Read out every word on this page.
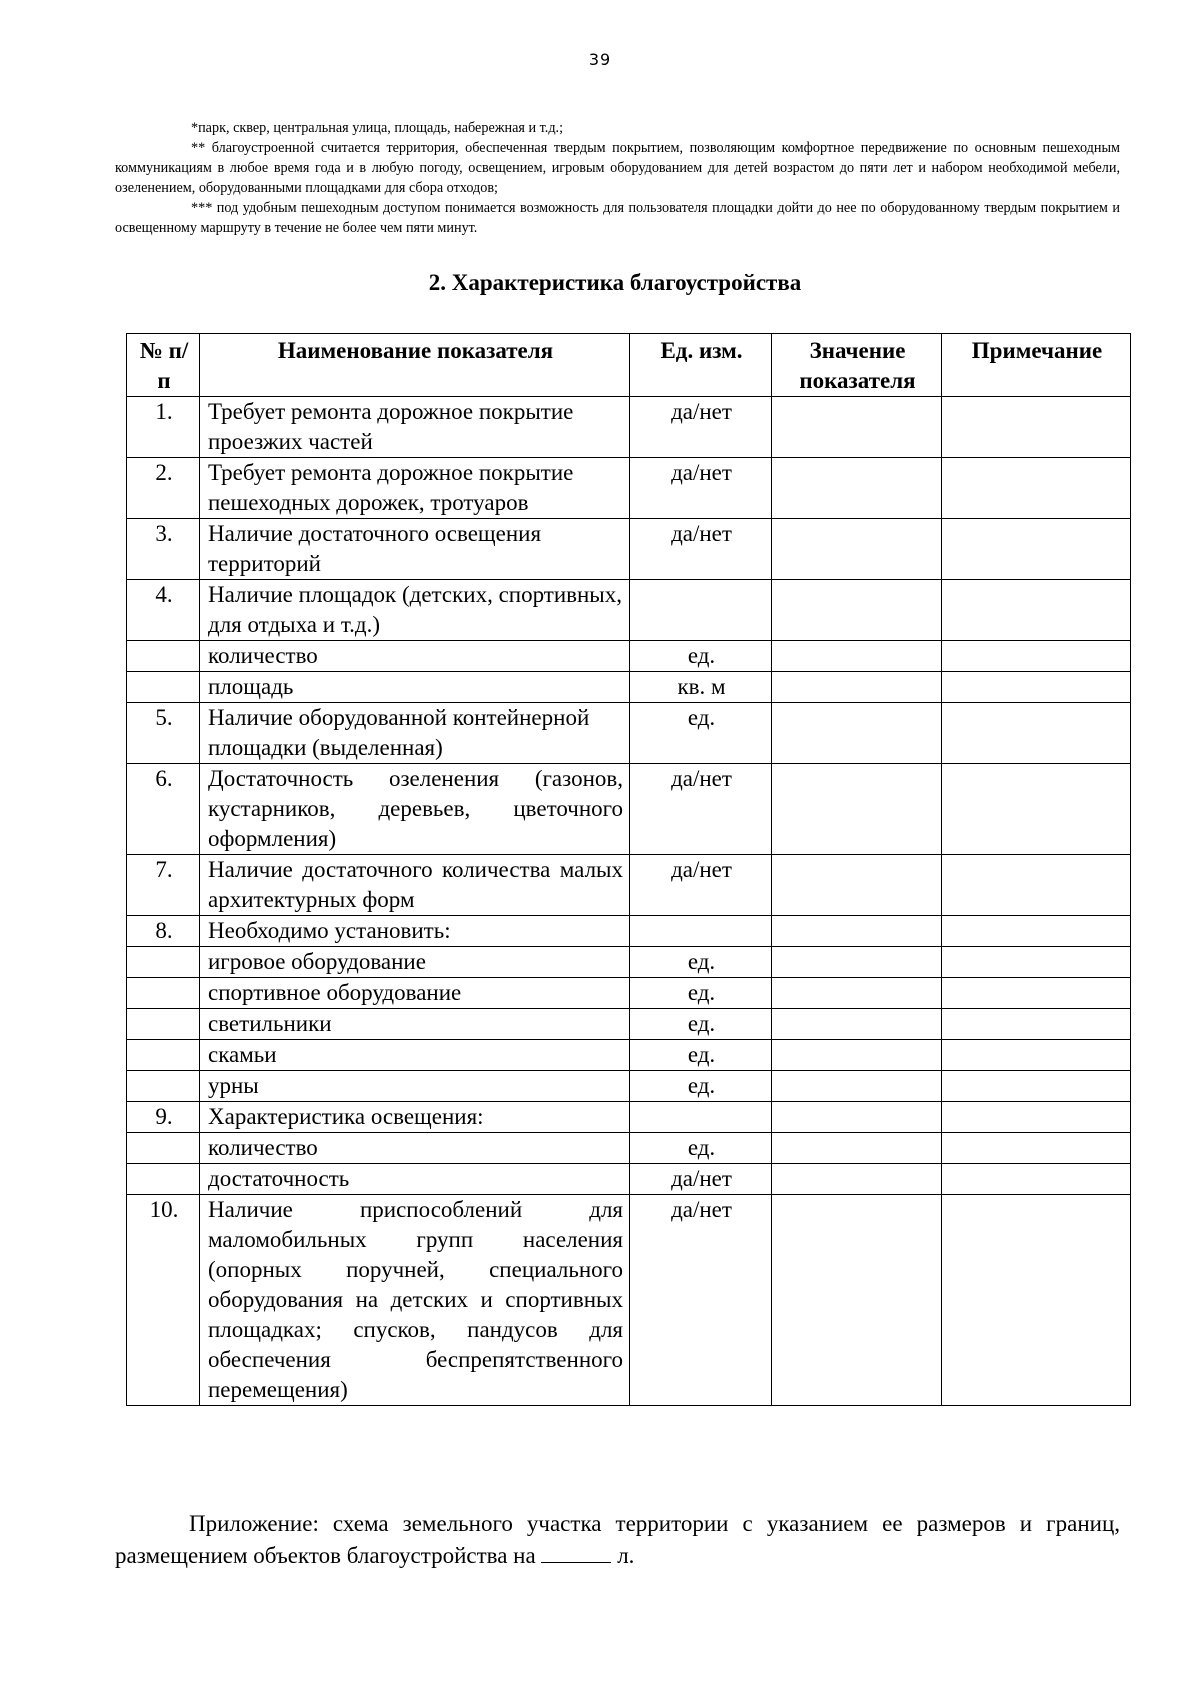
39

*парк, сквер, центральная улица, площадь, набережная и т.д.;

** благоустроенной считается территория, обеспеченная твердым покрытием, позволяющим комфортное передвижение по основным пешеходным коммуникациям в любое время года и в любую погоду, освещением, игровым оборудованием для детей возрастом до пяти лет и набором необходимой мебели, озеленением, оборудованными площадками для сбора отходов;

*** под удобным пешеходным доступом понимается возможность для пользователя площадки дойти до нее по оборудованному твердым покрытием и освещенному маршруту в течение не более чем пяти минут.

2. Характеристика благоустройства
№ п/п	Наименование показателя	Ед. изм.	Значение показателя	Примечание
1.	Требует ремонта дорожное покрытие проезжих частей	да/нет		
2.	Требует ремонта дорожное покрытие пешеходных дорожек, тротуаров	да/нет		
3.	Наличие достаточного освещения территорий	да/нет		
4.	Наличие площадок (детских, спортивных, для отдыха и т.д.)			
	количество	ед.		
	площадь	кв. м		
5.	Наличие оборудованной контейнерной площадки (выделенная)	ед.		
6.	Достаточность озеленения (газонов, кустарников, деревьев, цветочного оформления)	да/нет		
7.	Наличие достаточного количества малых архитектурных форм	да/нет		
8.	Необходимо установить:			
	игровое оборудование	ед.		
	спортивное оборудование	ед.		
	светильники	ед.		
	скамьи	ед.		
	урны	ед.		
9.	Характеристика освещения:			
	количество	ед.		
	достаточность	да/нет		
10.	Наличие приспособлений для маломобильных групп населения (опорных поручней, специального оборудования на детских и спортивных площадках; спусков, пандусов для обеспечения беспрепятственного перемещения)	да/нет		
Приложение: схема земельного участка территории с указанием ее размеров и границ, размещением объектов благоустройства на	л.
